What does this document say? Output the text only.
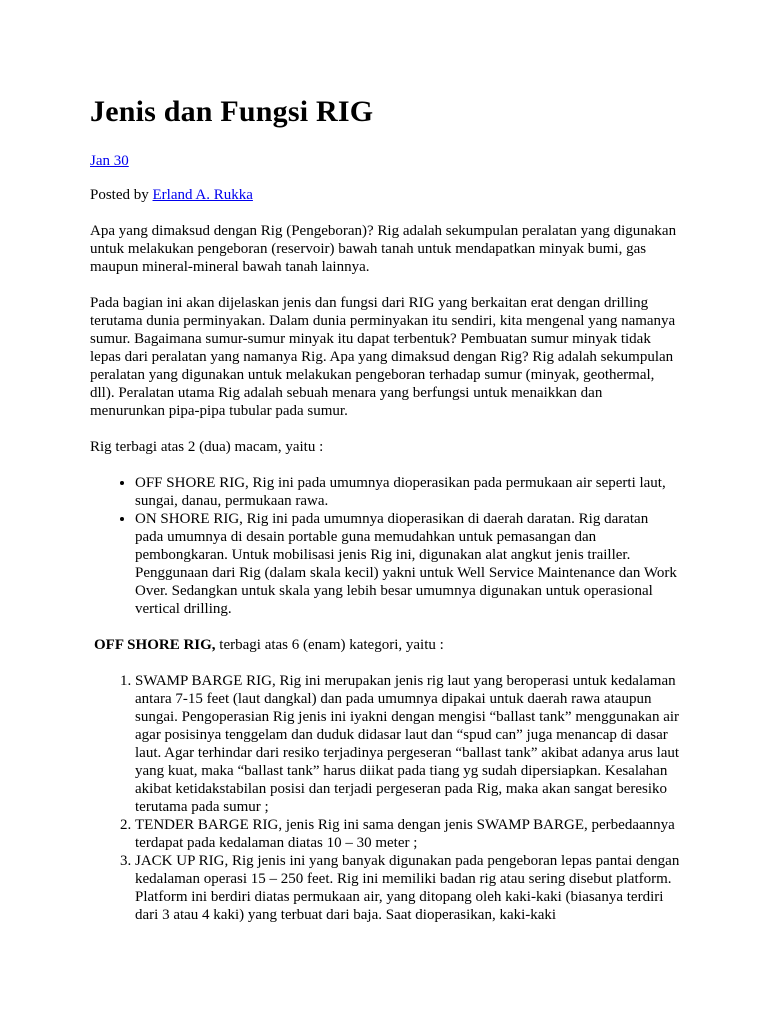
Jenis dan Fungsi RIG

Jan 30

Posted by Erland A. Rukka

Apa yang dimaksud dengan Rig (Pengeboran)? Rig adalah sekumpulan peralatan yang digunakan untuk melakukan pengeboran (reservoir) bawah tanah untuk mendapatkan minyak bumi, gas maupun mineral-mineral bawah tanah lainnya.

Pada bagian ini akan dijelaskan jenis dan fungsi dari RIG yang berkaitan erat dengan drilling terutama dunia perminyakan. Dalam dunia perminyakan itu sendiri, kita mengenal yang namanya sumur. Bagaimana sumur-sumur minyak itu dapat terbentuk? Pembuatan sumur minyak tidak lepas dari peralatan yang namanya Rig. Apa yang dimaksud dengan Rig? Rig adalah sekumpulan peralatan yang digunakan untuk melakukan pengeboran terhadap sumur (minyak, geothermal, dll). Peralatan utama Rig adalah sebuah menara yang berfungsi untuk menaikkan dan menurunkan pipa-pipa tubular pada sumur.

Rig terbagi atas 2 (dua) macam, yaitu :

• OFF SHORE RIG, Rig ini pada umumnya dioperasikan pada permukaan air seperti laut, sungai, danau, permukaan rawa.
• ON SHORE RIG, Rig ini pada umumnya dioperasikan di daerah daratan. Rig daratan pada umumnya di desain portable guna memudahkan untuk pemasangan dan pembongkaran. Untuk mobilisasi jenis Rig ini, digunakan alat angkut jenis trailler. Penggunaan dari Rig (dalam skala kecil) yakni untuk Well Service Maintenance dan Work Over. Sedangkan untuk skala yang lebih besar umumnya digunakan untuk operasional vertical drilling.

OFF SHORE RIG, terbagi atas 6 (enam) kategori, yaitu :

1. SWAMP BARGE RIG, Rig ini merupakan jenis rig laut yang beroperasi untuk kedalaman antara 7-15 feet (laut dangkal) dan pada umumnya dipakai untuk daerah rawa ataupun sungai. Pengoperasian Rig jenis ini iyakni dengan mengisi “ballast tank” menggunakan air agar posisinya tenggelam dan duduk didasar laut dan “spud can” juga menancap di dasar laut. Agar terhindar dari resiko terjadinya pergeseran “ballast tank” akibat adanya arus laut yang kuat, maka “ballast tank” harus diikat pada tiang yg sudah dipersiapkan. Kesalahan akibat ketidakstabilan posisi dan terjadi pergeseran pada Rig, maka akan sangat beresiko terutama pada sumur ;
2. TENDER BARGE RIG, jenis Rig ini sama dengan jenis SWAMP BARGE, perbedaannya terdapat pada kedalaman diatas 10 – 30 meter ;
3. JACK UP RIG, Rig jenis ini yang banyak digunakan pada pengeboran lepas pantai dengan kedalaman operasi 15 – 250 feet. Rig ini memiliki badan rig atau sering disebut platform. Platform ini berdiri diatas permukaan air, yang ditopang oleh kaki-kaki (biasanya terdiri dari 3 atau 4 kaki) yang terbuat dari baja. Saat dioperasikan, kaki-kaki
